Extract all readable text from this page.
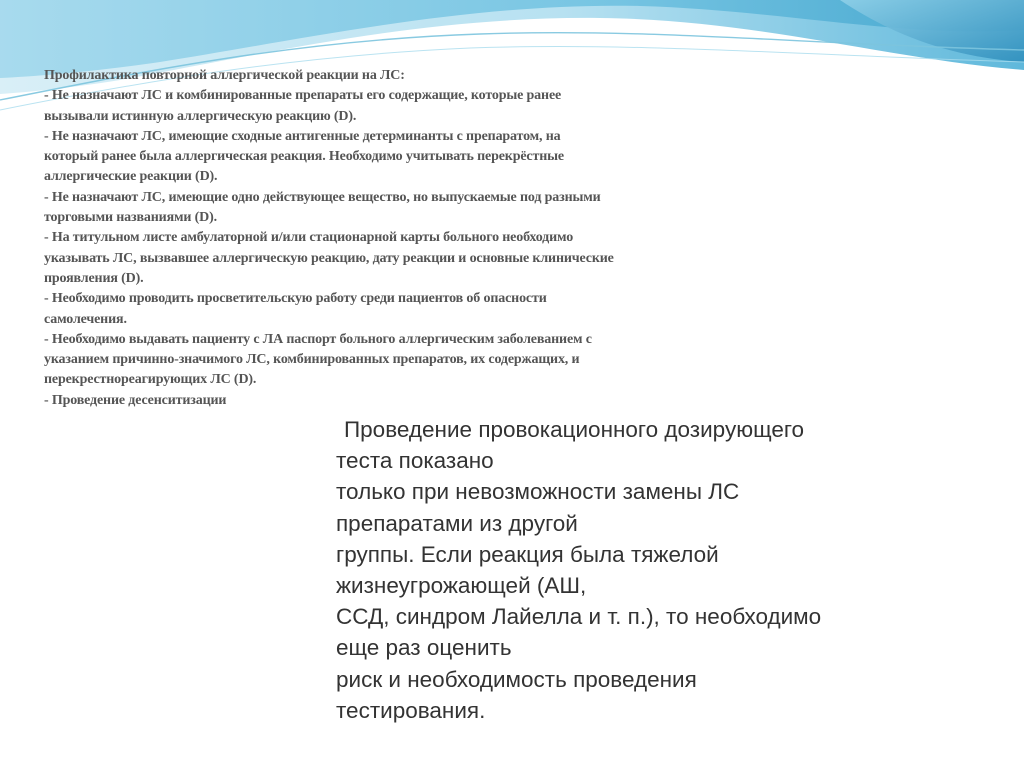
Профилактика повторной аллергической реакции на ЛС:
- Не назначают ЛС и комбинированные препараты его содержащие, которые ранее
вызывали истинную аллергическую реакцию (D).
- Не назначают ЛС, имеющие сходные антигенные детерминанты с препаратом, на
который ранее была аллергическая реакция. Необходимо учитывать перекрёстные
аллергические реакции (D).
- Не назначают ЛС, имеющие одно действующее вещество, но выпускаемые под разными
торговыми названиями (D).
- На титульном листе амбулаторной и/или стационарной карты больного необходимо
указывать ЛС, вызвавшее аллергическую реакцию, дату реакции и основные клинические
проявления (D).
- Необходимо проводить просветительскую работу среди пациентов об опасности
самолечения.
- Необходимо выдавать пациенту с ЛА паспорт больного аллергическим заболеванием с
указанием причинно-значимого ЛС, комбинированных препаратов, их содержащих, и
перекрестнореагирующих ЛС (D).
- Проведение десенситизации
Проведение провокационного дозирующего
теста показано
только при невозможности замены ЛС
препаратами из другой
группы. Если реакция была тяжелой
жизнеугрожающей (АШ,
ССД, синдром Лайелла и т. п.), то необходимо
еще раз оценить
риск и необходимость проведения
тестирования.
